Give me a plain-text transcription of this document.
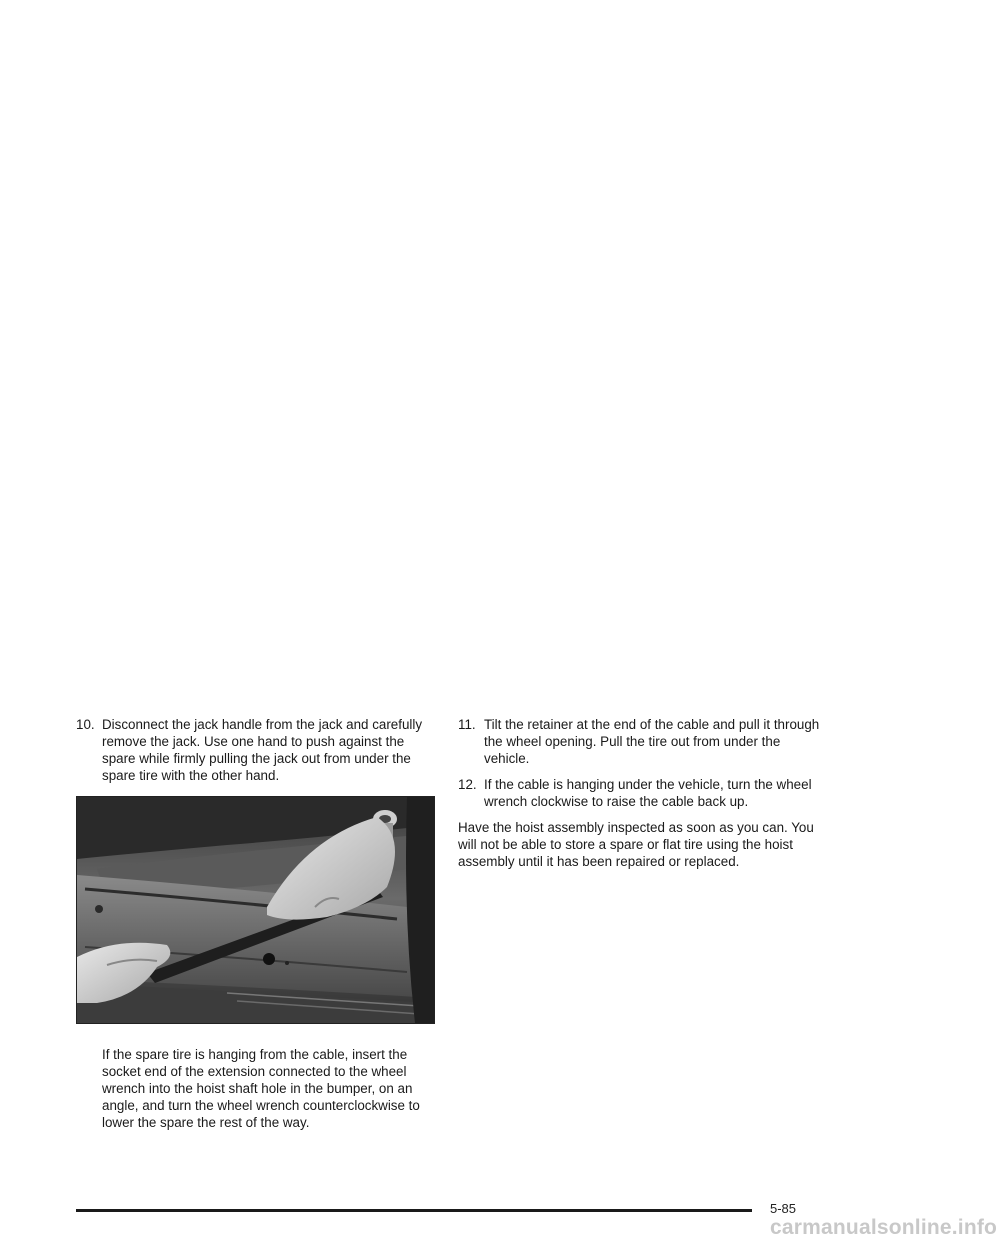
10. Disconnect the jack handle from the jack and carefully remove the jack. Use one hand to push against the spare while firmly pulling the jack out from under the spare tire with the other hand.

If the spare tire is hanging from the cable, insert the socket end of the extension connected to the wheel wrench into the hoist shaft hole in the bumper, on an angle, and turn the wheel wrench counterclockwise to lower the spare the rest of the way.

11. Tilt the retainer at the end of the cable and pull it through the wheel opening. Pull the tire out from under the vehicle.
12. If the cable is hanging under the vehicle, turn the wheel wrench clockwise to raise the cable back up.

Have the hoist assembly inspected as soon as you can. You will not be able to store a spare or flat tire using the hoist assembly until it has been repaired or replaced.

5-85
carmanualsonline.info
